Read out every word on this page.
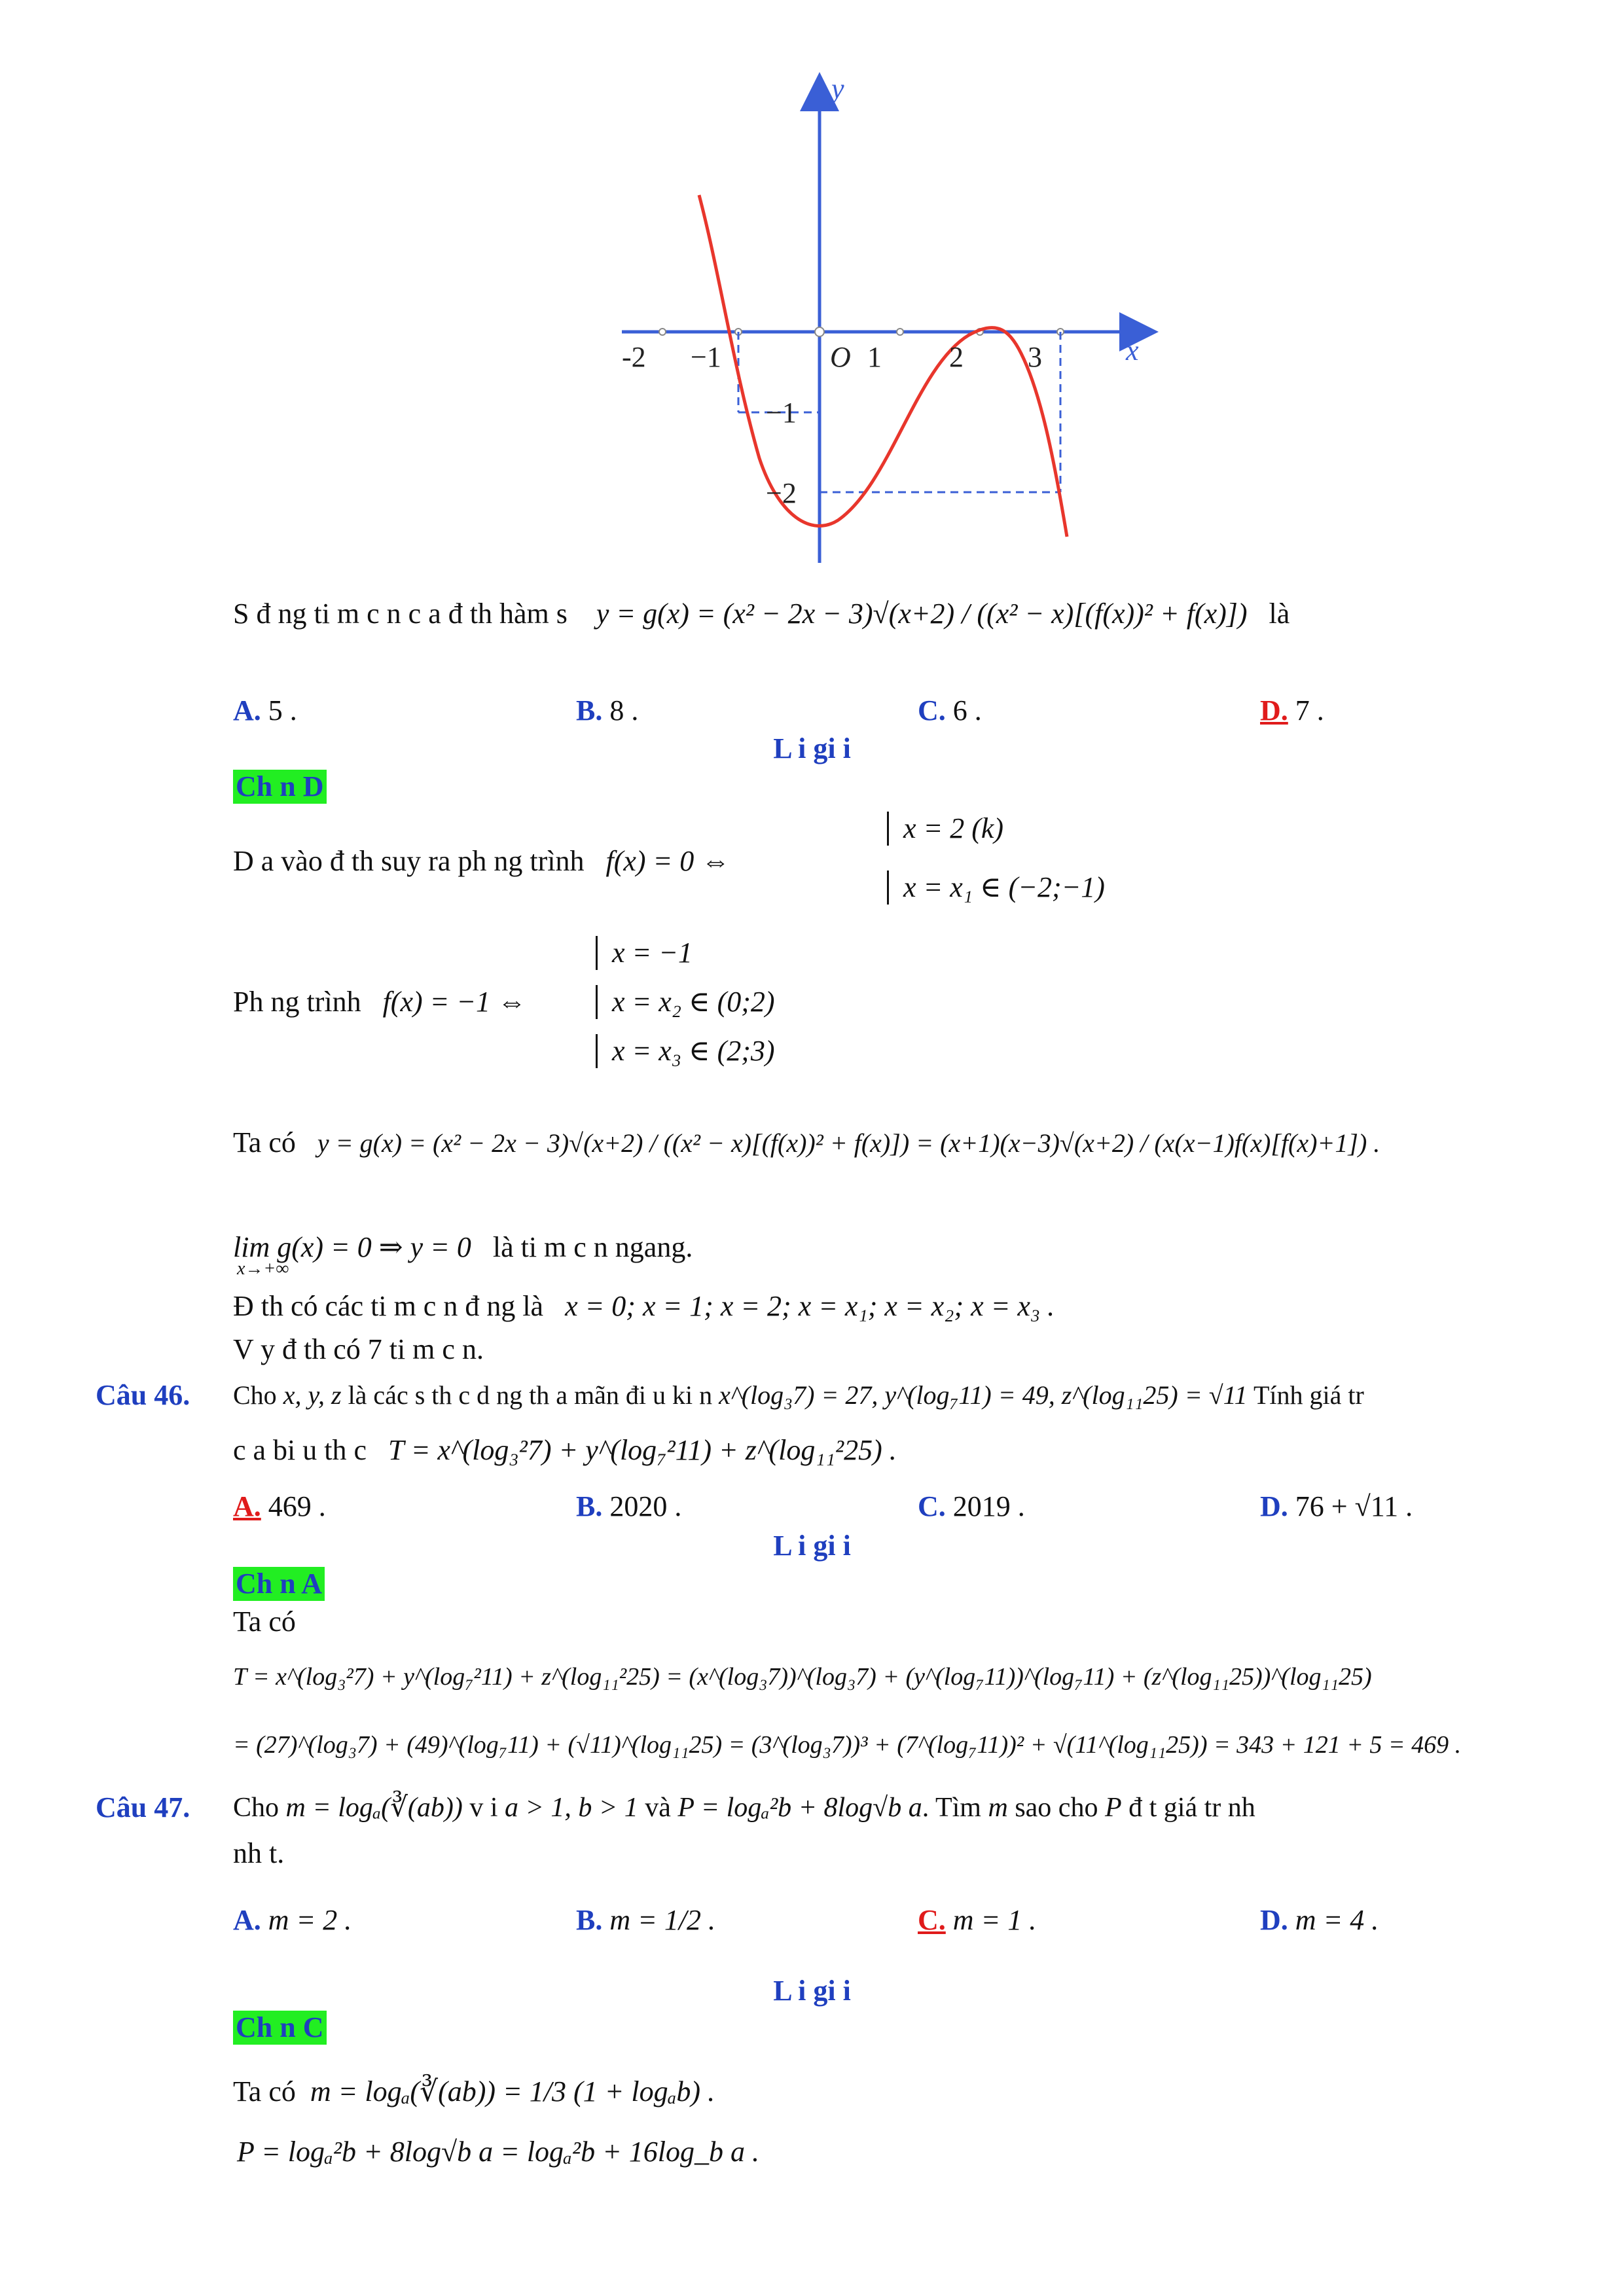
y
x
O
-2 −1	1 2 3
−1
−2
S đ ng ti m c n c a đ th hàm s y = g(x) = (x² − 2x − 3)√(x+2) / ((x² − x)[(f(x))² + f(x)]) là
A. 5 .	B. 8 .	C. 6 .	D. 7 .
L i gi i
Ch n D
D a vào đ th suy ra ph ng trình f(x) = 0 ⇔
x = 2 (k)
x = x₁ ∈ (−2;−1)
Ph ng trình f(x) = −1 ⇔
x = −1
x = x₂ ∈ (0;2)
x = x₃ ∈ (2;3)
Ta có y = g(x) = (x² − 2x − 3)√(x+2) / ((x² − x)[(f(x))² + f(x)]) = (x+1)(x−3)√(x+2) / (x(x−1)f(x)[f(x)+1]) .
lim g(x) = 0 ⇒ y = 0 là ti m c n ngang.
x→+∞
Đ th có các ti m c n đ ng là x = 0; x = 1; x = 2; x = x₁; x = x₂; x = x₃ .
V y đ th có 7 ti m c n.
Câu 46. Cho x, y, z là các s th c d ng th a mãn đi u ki n x^(log₃7) = 27, y^(log₇11) = 49, z^(log₁₁25) = √11 Tính giá tr
c a bi u th c T = x^(log₃²7) + y^(log₇²11) + z^(log₁₁²25) .
A. 469 .	B. 2020 .	C. 2019 .	D. 76 + √11 .
L i gi i
Ch n A
Ta có
T = x^(log₃²7) + y^(log₇²11) + z^(log₁₁²25) = (x^(log₃7))^(log₃7) + (y^(log₇11))^(log₇11) + (z^(log₁₁25))^(log₁₁25)
= (27)^(log₃7) + (49)^(log₇11) + (√11)^(log₁₁25) = (3^(log₃7))³ + (7^(log₇11))² + √(11^(log₁₁25)) = 343 + 121 + 5 = 469 .
Câu 47. Cho m = logₐ(∛(ab)) v i a > 1, b > 1 và P = logₐ²b + 8log√b a. Tìm m sao cho P đ t giá tr nh
nh t.
A. m = 2 .	B. m = 1/2 .	C. m = 1 .	D. m = 4 .
L i gi i
Ch n C
Ta có m = logₐ(∛(ab)) = 1/3 (1 + logₐb) .
P = logₐ²b + 8log√b a = logₐ²b + 16log_b a .
